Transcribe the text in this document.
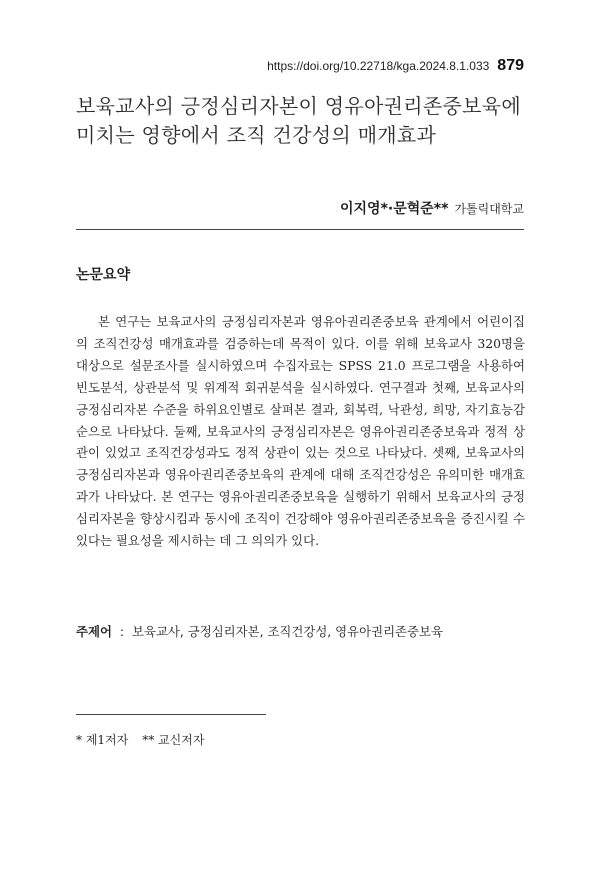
https://doi.org/10.22718/kga.2024.8.1.033 879
보육교사의 긍정심리자본이 영유아권리존중보육에 미치는 영향에서 조직 건강성의 매개효과
이지영*·문혁준** 가톨릭대학교
논문요약

본 연구는 보육교사의 긍정심리자본과 영유아권리존중보육 관계에서 어린이집의 조직건강성 매개효과를 검증하는데 목적이 있다. 이를 위해 보육교사 320명을 대상으로 설문조사를 실시하였으며 수집자료는 SPSS 21.0 프로그램을 사용하여 빈도분석, 상관분석 및 위계적 회귀분석을 실시하였다. 연구결과 첫째, 보육교사의 긍정심리자본 수준을 하위요인별로 살펴본 결과, 회복력, 낙관성, 희망, 자기효능감순으로 나타났다. 둘째, 보육교사의 긍정심리자본은 영유아권리존중보육과 정적 상관이 있었고 조직건강성과도 정적 상관이 있는 것으로 나타났다. 셋째, 보육교사의 긍정심리자본과 영유아권리존중보육의 관계에 대해 조직건강성은 유의미한 매개효과가 나타났다. 본 연구는 영유아권리존중보육을 실행하기 위해서 보육교사의 긍정심리자본을 향상시킴과 동시에 조직이 건강해야 영유아권리존중보육을 증진시킬 수 있다는 필요성을 제시하는 데 그 의의가 있다.

주제어 : 보육교사, 긍정심리자본, 조직건강성, 영유아권리존중보육
* 제1저자 ** 교신저자
